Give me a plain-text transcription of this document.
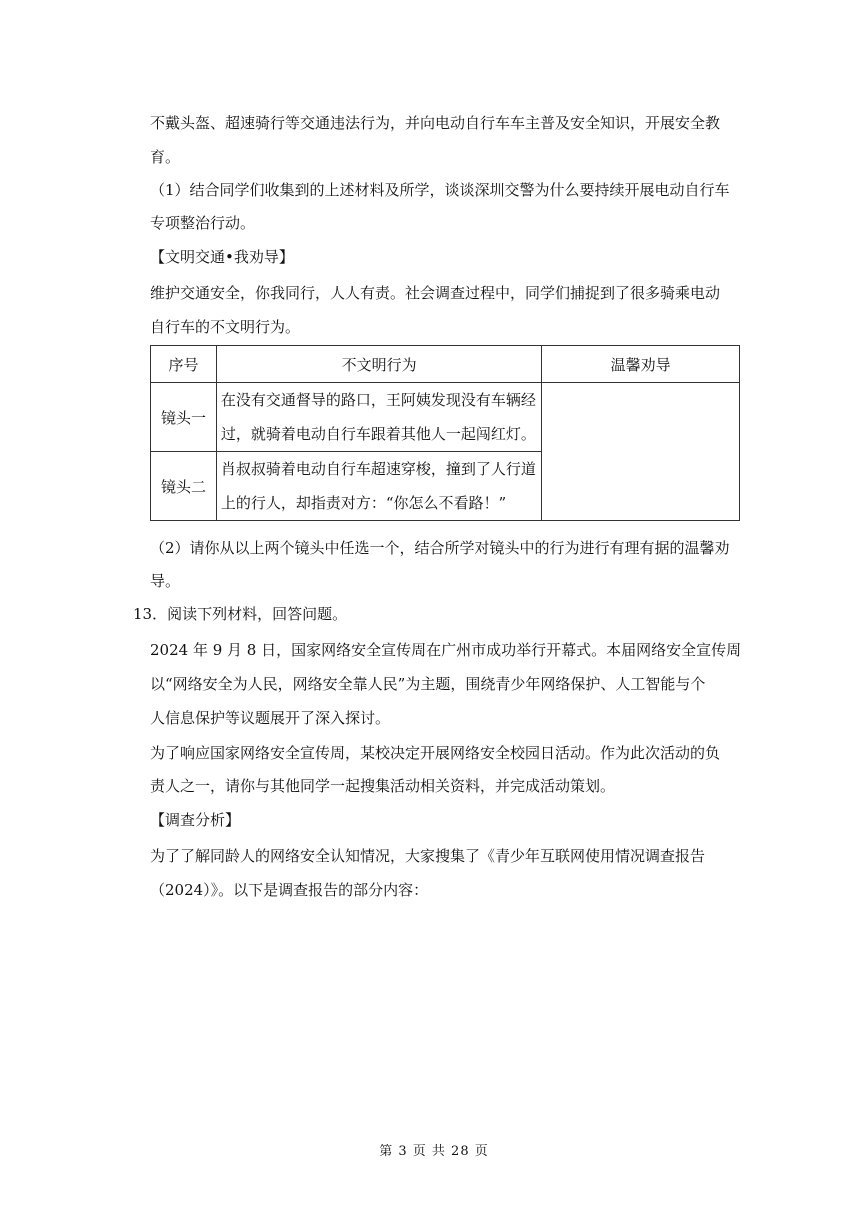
不戴头盔、超速骑行等交通违法行为，并向电动自行车车主普及安全知识，开展安全教
育。
（1）结合同学们收集到的上述材料及所学，谈谈深圳交警为什么要持续开展电动自行车
专项整治行动。
【文明交通•我劝导】
维护交通安全，你我同行，人人有责。社会调查过程中，同学们捕捉到了很多骑乘电动
自行车的不文明行为。
序号	不文明行为	温馨劝导
镜头一	在没有交通督导的路口，王阿姨发现没有车辆经
过，就骑着电动自行车跟着其他人一起闯红灯。	

镜头二	肖叔叔骑着电动自行车超速穿梭，撞到了人行道
上的行人，却指责对方：“你怎么不看路！”	
（2）请你从以上两个镜头中任选一个，结合所学对镜头中的行为进行有理有据的温馨劝
导。
13．阅读下列材料，回答问题。
2024 年 9 月 8 日，国家网络安全宣传周在广州市成功举行开幕式。本届网络安全宣传周
以“网络安全为人民，网络安全靠人民”为主题，围绕青少年网络保护、人工智能与个
人信息保护等议题展开了深入探讨。
为了响应国家网络安全宣传周，某校决定开展网络安全校园日活动。作为此次活动的负
责人之一，请你与其他同学一起搜集活动相关资料，并完成活动策划。
【调查分析】
为了了解同龄人的网络安全认知情况，大家搜集了《青少年互联网使用情况调查报告
（2024）》。以下是调查报告的部分内容：
第 3 页 共 28 页
